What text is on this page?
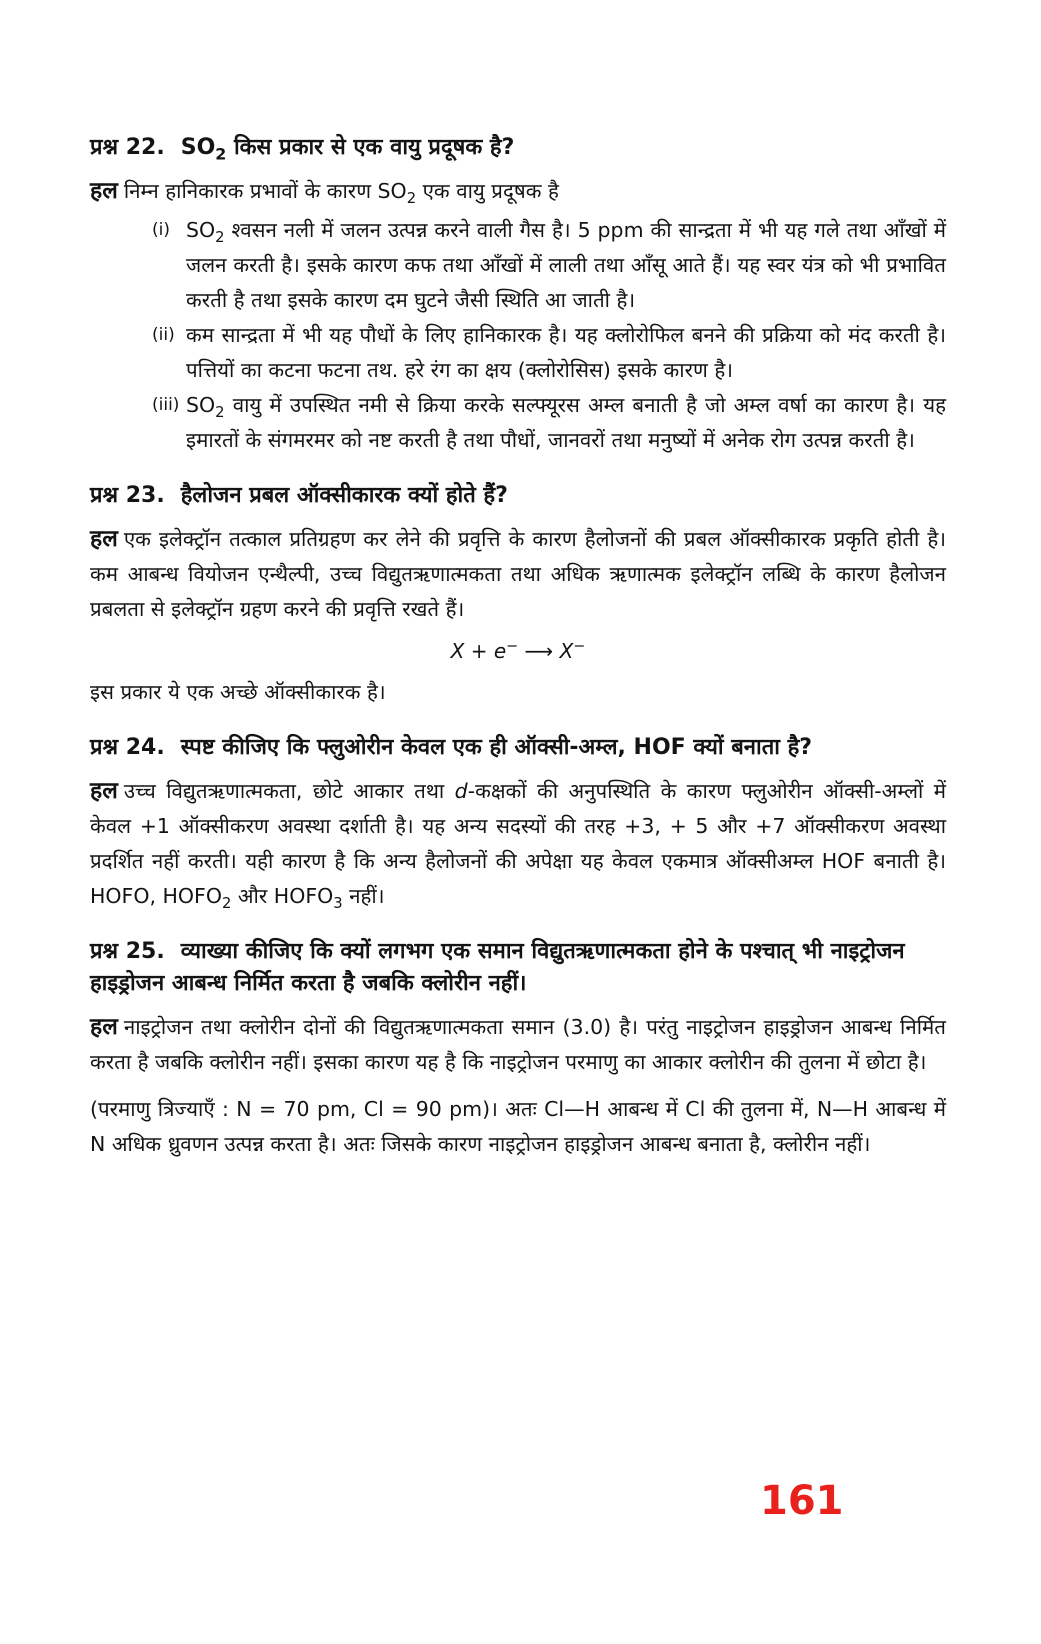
प्रश्न 22. $SO_2$ किस प्रकार से एक वायु प्रदूषक है?

हल निम्न हानिकारक प्रभावों के कारण $SO_2$ एक वायु प्रदूषक है

(i) $SO_2$ श्वसन नली में जलन उत्पन्न करने वाली गैस है। 5 ppm की सान्द्रता में भी यह गले तथा आँखों में जलन करती है। इसके कारण कफ तथा आँखों में लाली तथा आँसू आते हैं। यह स्वर यंत्र को भी प्रभावित करती है तथा इसके कारण दम घुटने जैसी स्थिति आ जाती है।

(ii) कम सान्द्रता में भी यह पौधों के लिए हानिकारक है। यह क्लोरोफिल बनने की प्रक्रिया को मंद करती है। पत्तियों का कटना फटना तथ. हरे रंग का क्षय (क्लोरोसिस) इसके कारण है।

(iii) $SO_2$ वायु में उपस्थित नमी से क्रिया करके सल्फ्यूरस अम्ल बनाती है जो अम्ल वर्षा का कारण है। यह इमारतों के संगमरमर को नष्ट करती है तथा पौधों, जानवरों तथा मनुष्यों में अनेक रोग उत्पन्न करती है।

प्रश्न 23. हैलोजन प्रबल ऑक्सीकारक क्यों होते हैं?

हल एक इलेक्ट्रॉन तत्काल प्रतिग्रहण कर लेने की प्रवृत्ति के कारण हैलोजनों की प्रबल ऑक्सीकारक प्रकृति होती है। कम आबन्ध वियोजन एन्थैल्पी, उच्च विद्युतऋणात्मकता तथा अधिक ऋणात्मक इलेक्ट्रॉन लब्धि के कारण हैलोजन प्रबलता से इलेक्ट्रॉन ग्रहण करने की प्रवृत्ति रखते हैं।

X + e− ⟶ X−

इस प्रकार ये एक अच्छे ऑक्सीकारक है।

प्रश्न 24. स्पष्ट कीजिए कि फ्लुओरीन केवल एक ही ऑक्सी-अम्ल, HOF क्यों बनाता है?

हल उच्च विद्युतऋणात्मकता, छोटे आकार तथा d-कक्षकों की अनुपस्थिति के कारण फ्लुओरीन ऑक्सी-अम्लों में केवल +1 ऑक्सीकरण अवस्था दर्शाती है। यह अन्य सदस्यों की तरह +3, + 5 और +7 ऑक्सीकरण अवस्था प्रदर्शित नहीं करती। यही कारण है कि अन्य हैलोजनों की अपेक्षा यह केवल एकमात्र ऑक्सीअम्ल HOF बनाती है। HOFO, $HOFO_2$ और $HOFO_3$ नहीं।

प्रश्न 25. व्याख्या कीजिए कि क्यों लगभग एक समान विद्युतऋणात्मकता होने के पश्चात् भी नाइट्रोजन हाइड्रोजन आबन्ध निर्मित करता है जबकि क्लोरीन नहीं।

हल नाइट्रोजन तथा क्लोरीन दोनों की विद्युतऋणात्मकता समान (3.0) है। परंतु नाइट्रोजन हाइड्रोजन आबन्ध निर्मित करता है जबकि क्लोरीन नहीं। इसका कारण यह है कि नाइट्रोजन परमाणु का आकार क्लोरीन की तुलना में छोटा है।

(परमाणु त्रिज्याएँ : N = 70 pm, Cl = 90 pm)। अतः Cl—H आबन्ध में Cl की तुलना में, N—H आबन्ध में N अधिक ध्रुवणन उत्पन्न करता है। अतः जिसके कारण नाइट्रोजन हाइड्रोजन आबन्ध बनाता है, क्लोरीन नहीं।

161
